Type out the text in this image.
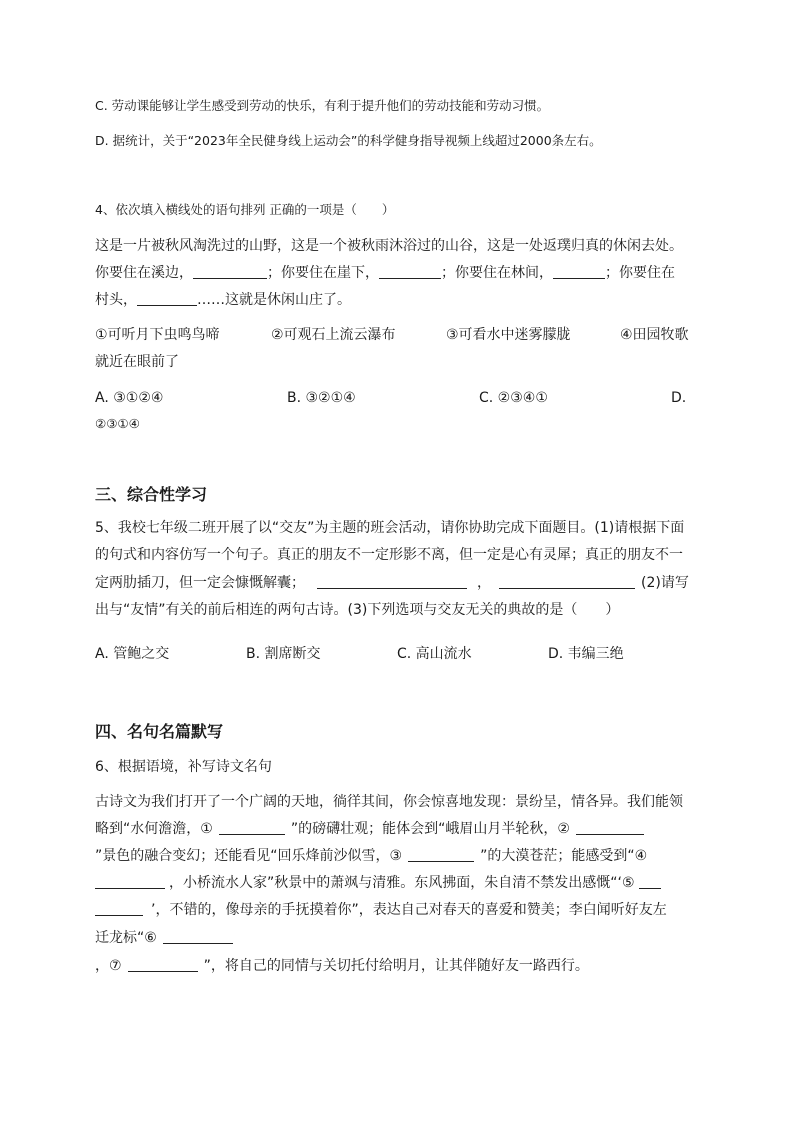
C. 劳动课能够让学生感受到劳动的快乐，有利于提升他们的劳动技能和劳动习惯。
D. 据统计，关于“2023年全民健身线上运动会”的科学健身指导视频上线超过2000条左右。
4、依次填入横线处的语句排列 正确的一项是（　　）
这是一片被秋风淘洗过的山野，这是一个被秋雨沐浴过的山谷，这是一处返璞归真的休闲去处。
你要住在溪边，	；你要住在崖下，	；你要住在林间，	；你要住在
村头，	……这就是休闲山庄了。
①可听月下虫鸣鸟啼	②可观石上流云瀑布	③可看水中迷雾朦胧	④田园牧歌
就近在眼前了
A. ③①②④	B. ③②①④	C. ②③④①	D.
②③①④
三、综合性学习
5、我校七年级二班开展了以“交友”为主题的班会活动，请你协助完成下面题目。(1)请根据下面
的句式和内容仿写一个句子。真正的朋友不一定形影不离，但一定是心有灵犀；真正的朋友不一
定两肋插刀，但一定会慷慨解囊；	，	(2)请写
出与“友情”有关的前后相连的两句古诗。(3)下列选项与交友无关的典故的是（　　）
A. 管鲍之交	B. 割席断交	C. 高山流水	D. 韦编三绝
四、名句名篇默写
6、根据语境，补写诗文名句
古诗文为我们打开了一个广阔的天地，徜徉其间，你会惊喜地发现：景纷呈，情各异。我们能领
略到“水何澹澹，①	”的磅礴壮观；能体会到“峨眉山月半轮秋，②
”景色的融合变幻；还能看见“回乐烽前沙似雪，③	”的大漠苍茫；能感受到“④
，小桥流水人家”秋景中的萧飒与清雅。东风拂面，朱自清不禁发出感慨“‘⑤
’，不错的，像母亲的手抚摸着你”，表达自己对春天的喜爱和赞美；李白闻听好友左
迁龙标“⑥
，⑦	”，将自己的同情与关切托付给明月，让其伴随好友一路西行。
